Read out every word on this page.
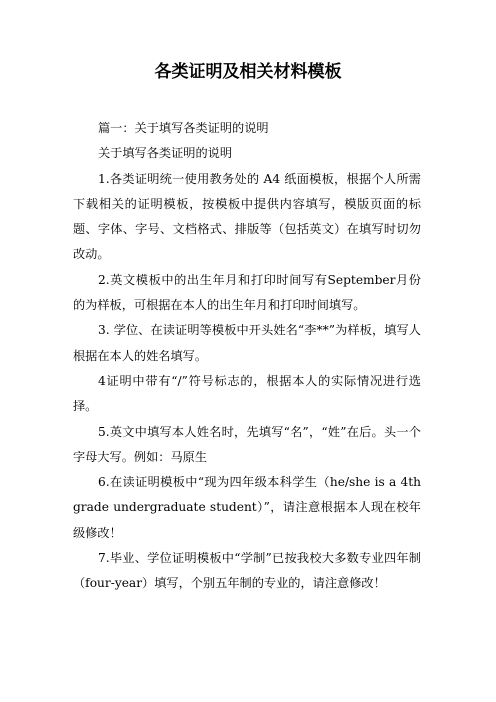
各类证明及相关材料模板

篇一：关于填写各类证明的说明

关于填写各类证明的说明

1.各类证明统一使用教务处的 A4 纸面模板，根据个人所需下载相关的证明模板，按模板中提供内容填写，模版页面的标题、字体、字号、文档格式、排版等（包括英文）在填写时切勿改动。

2.英文模板中的出生年月和打印时间写有September月份的为样板，可根据在本人的出生年月和打印时间填写。

3. 学位、在读证明等模板中开头姓名“李**”为样板，填写人根据在本人的姓名填写。

4证明中带有“/”符号标志的，根据本人的实际情况进行选择。

5.英文中填写本人姓名时，先填写“名”，“姓”在后。头一个字母大写。例如：马原生

6.在读证明模板中“现为四年级本科学生（he/she is a 4th grade undergraduate student）”，请注意根据本人现在校年级修改！

7.毕业、学位证明模板中“学制”已按我校大多数专业四年制（four-year）填写，个别五年制的专业的，请注意修改！
